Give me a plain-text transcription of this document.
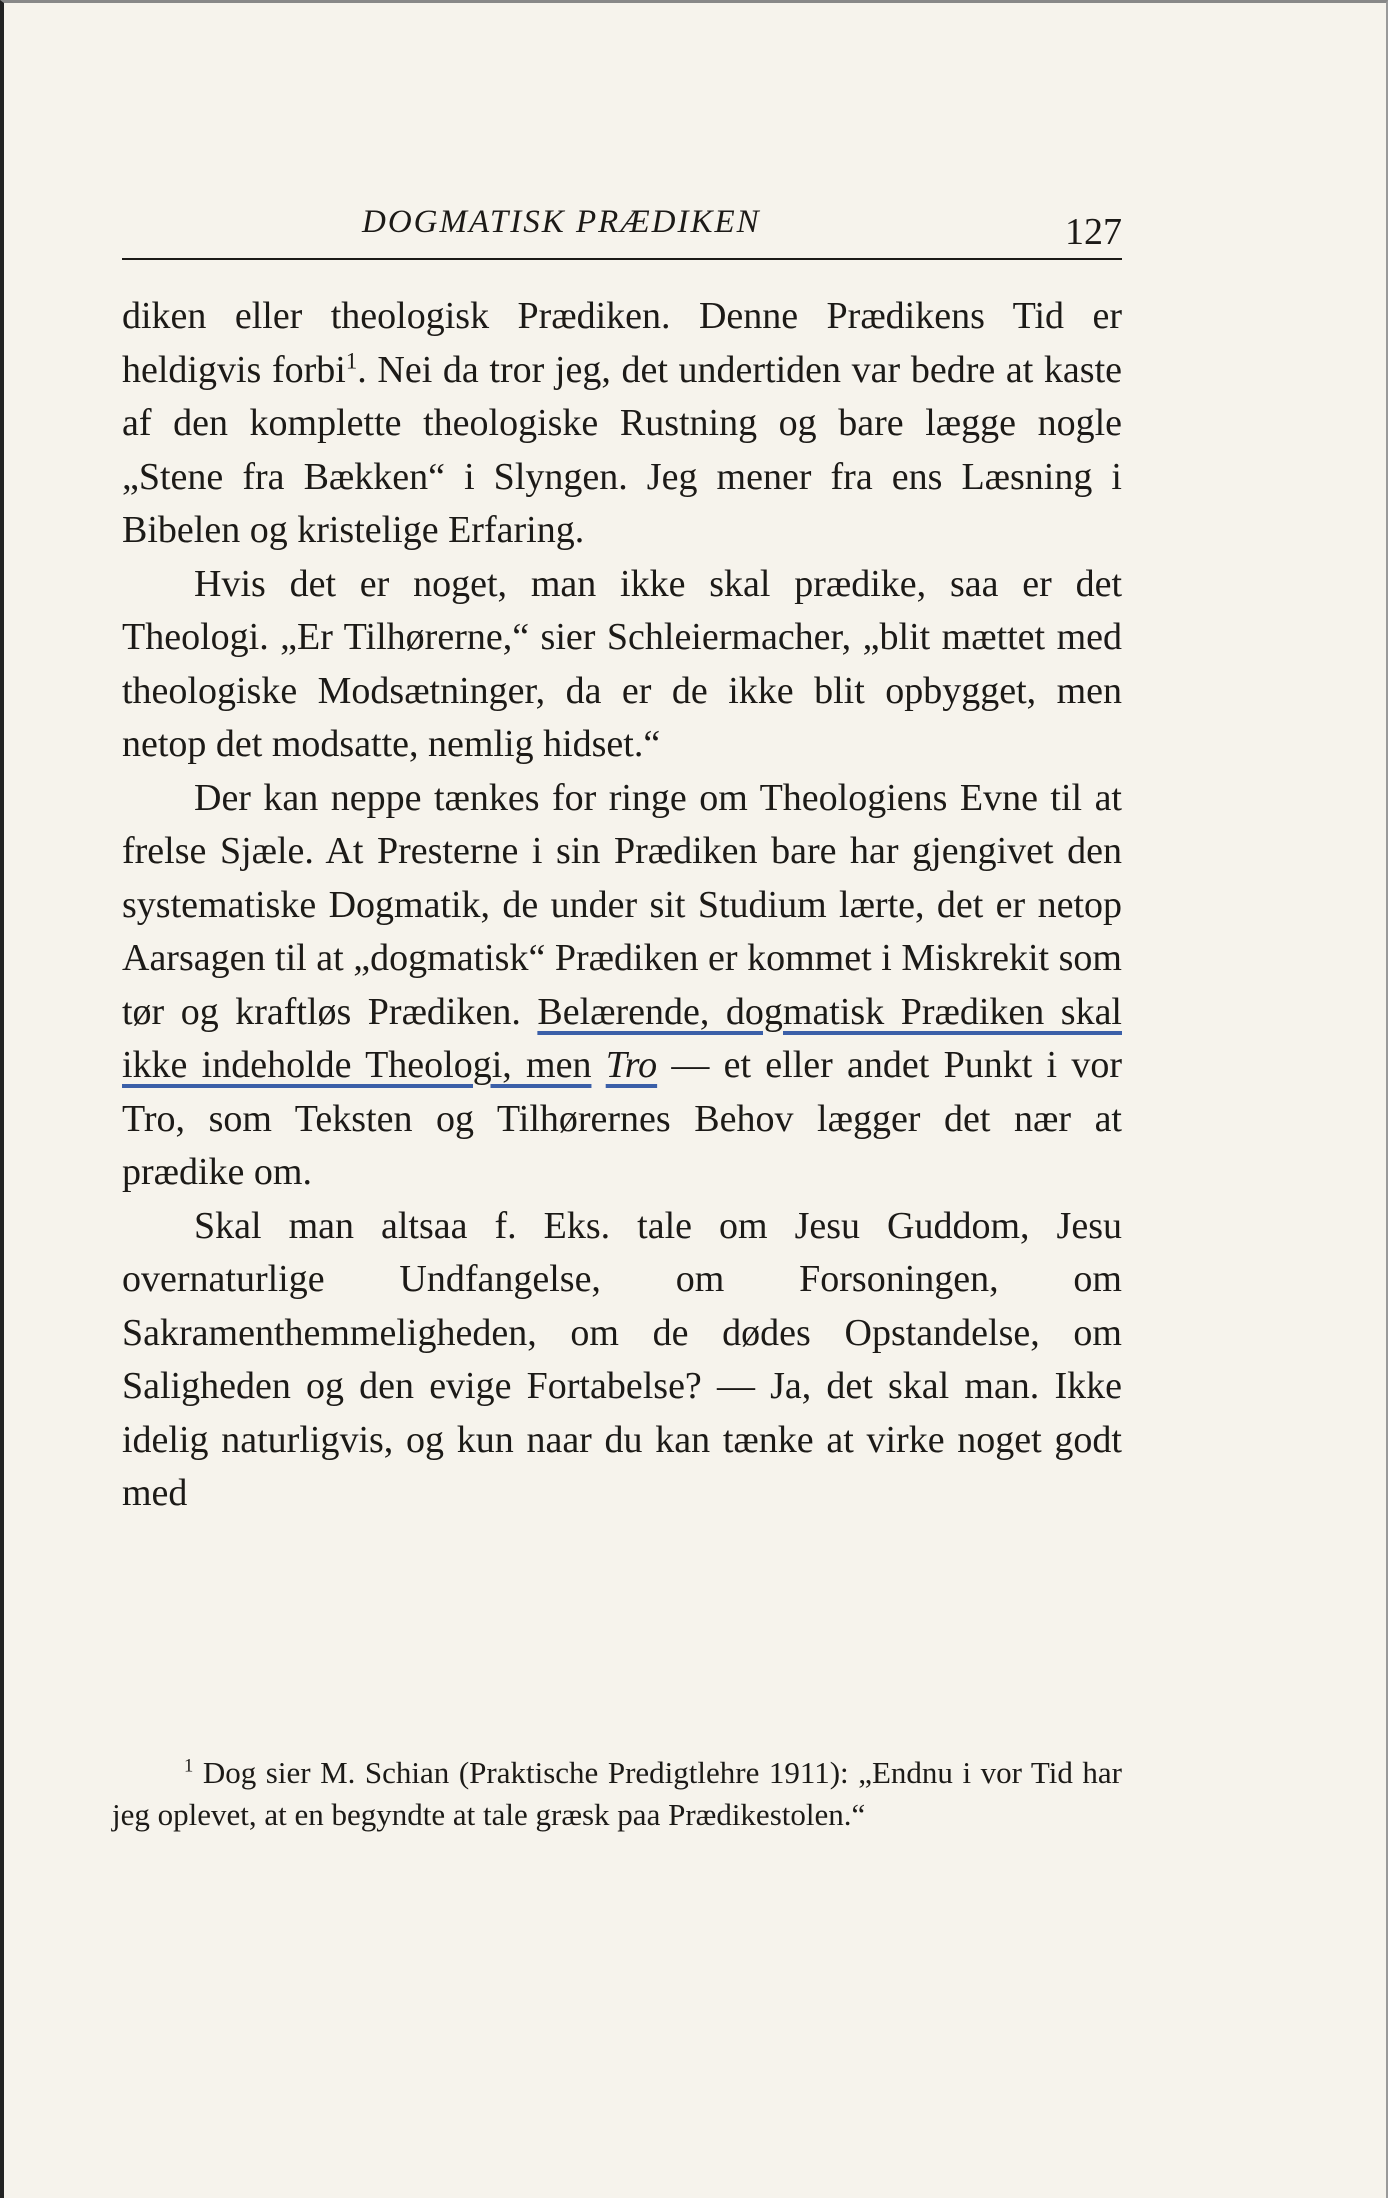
DOGMATISK PRÆDIKEN	127

diken eller theologisk Prædiken. Denne Prædikens Tid er heldigvis forbi$^1$. Nei da tror jeg, det undertiden var bedre at kaste af den komplette theologiske Rustning og bare lægge nogle „Stene fra Bækken“ i Slyngen. Jeg mener fra ens Læsning i Bibelen og kristelige Erfaring.

Hvis det er noget, man ikke skal prædike, saa er det Theologi. „Er Tilhørerne,“ sier Schleiermacher, „blit mættet med theologiske Modsætninger, da er de ikke blit opbygget, men netop det modsatte, nemlig hidset.“

Der kan neppe tænkes for ringe om Theologiens Evne til at frelse Sjæle. At Presterne i sin Prædiken bare har gjengivet den systematiske Dogmatik, de under sit Studium lærte, det er netop Aarsagen til at „dogmatisk“ Prædiken er kommet i Miskrekit som tør og kraftløs Prædiken. Belærende, dogmatisk Prædiken skal ikke indeholde Theologi, men Tro — et eller andet Punkt i vor Tro, som Teksten og Tilhørernes Behov lægger det nær at prædike om.

Skal man altsaa f. Eks. tale om Jesu Guddom, Jesu overnaturlige Undfangelse, om Forsoningen, om Sakramenthemmeligheden, om de dødes Opstandelse, om Saligheden og den evige Fortabelse? — Ja, det skal man. Ikke idelig naturligvis, og kun naar du kan tænke at virke noget godt med

$^1$ Dog sier M. Schian (Praktische Predigtlehre 1911): „Endnu i vor Tid har jeg oplevet, at en begyndte at tale græsk paa Prædikestolen.“
